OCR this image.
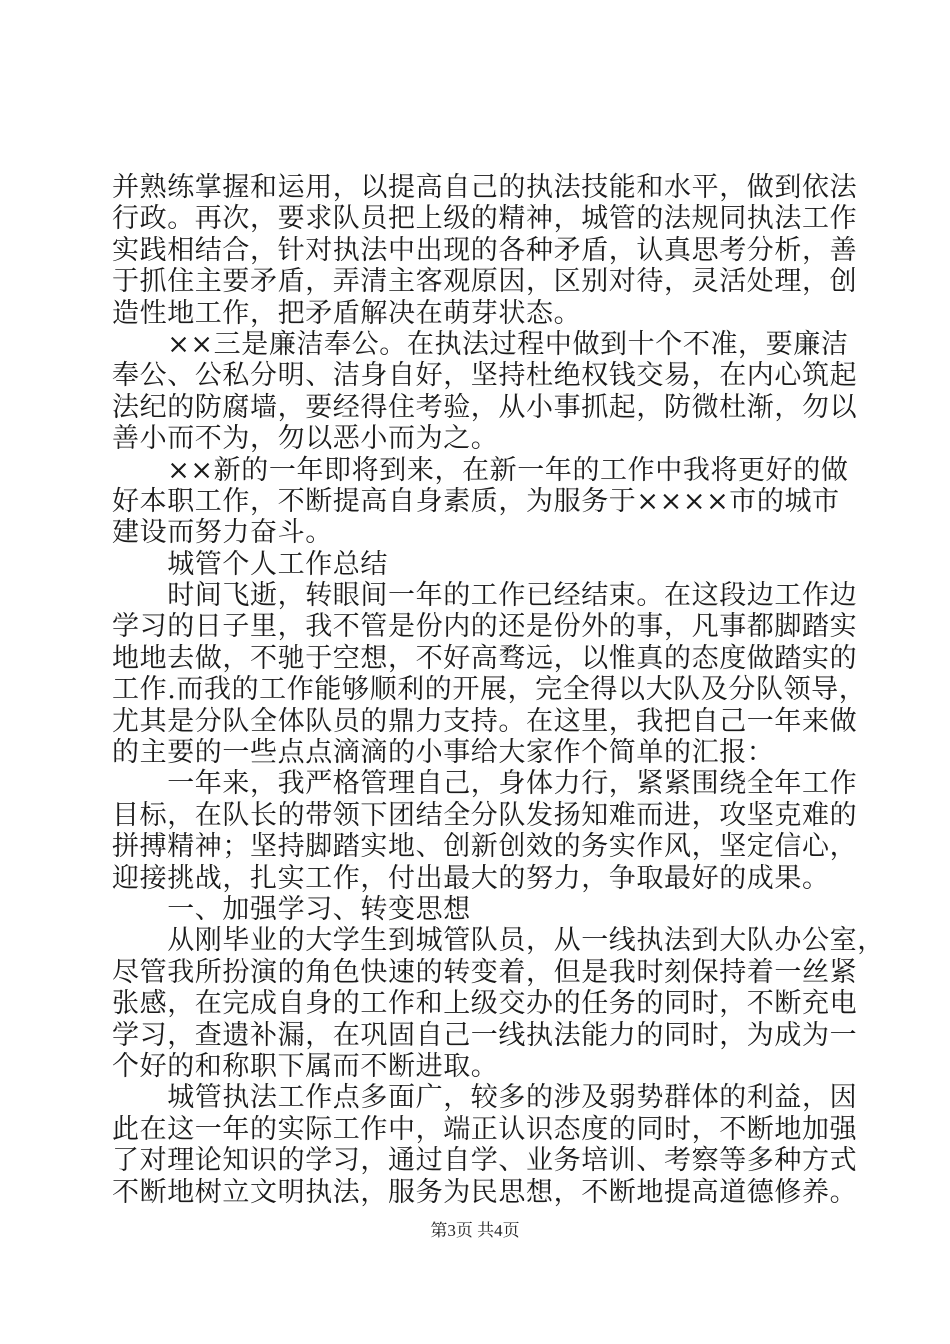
并熟练掌握和运用，以提高自己的执法技能和水平，做到依法
行政。再次，要求队员把上级的精神，城管的法规同执法工作
实践相结合，针对执法中出现的各种矛盾，认真思考分析，善
于抓住主要矛盾，弄清主客观原因，区别对待，灵活处理，创
造性地工作，把矛盾解决在萌芽状态。
　　××三是廉洁奉公。在执法过程中做到十个不准，要廉洁
奉公、公私分明、洁身自好，坚持杜绝权钱交易，在内心筑起
法纪的防腐墙，要经得住考验，从小事抓起，防微杜渐，勿以
善小而不为，勿以恶小而为之。
　　××新的一年即将到来，在新一年的工作中我将更好的做
好本职工作，不断提高自身素质，为服务于××××市的城市
建设而努力奋斗。
　　城管个人工作总结
　　时间飞逝，转眼间一年的工作已经结束。在这段边工作边
学习的日子里，我不管是份内的还是份外的事，凡事都脚踏实
地地去做，不驰于空想，不好高骛远，以惟真的态度做踏实的
工作.而我的工作能够顺利的开展，完全得以大队及分队领导，
尤其是分队全体队员的鼎力支持。在这里，我把自己一年来做
的主要的一些点点滴滴的小事给大家作个简单的汇报：
　　一年来，我严格管理自己，身体力行，紧紧围绕全年工作
目标，在队长的带领下团结全分队发扬知难而进，攻坚克难的
拼搏精神；坚持脚踏实地、创新创效的务实作风，坚定信心，
迎接挑战，扎实工作，付出最大的努力，争取最好的成果。
　　一、加强学习、转变思想
　　从刚毕业的大学生到城管队员，从一线执法到大队办公室，
尽管我所扮演的角色快速的转变着，但是我时刻保持着一丝紧
张感，在完成自身的工作和上级交办的任务的同时，不断充电
学习，查遗补漏，在巩固自己一线执法能力的同时，为成为一
个好的和称职下属而不断进取。
　　城管执法工作点多面广，较多的涉及弱势群体的利益，因
此在这一年的实际工作中，端正认识态度的同时，不断地加强
了对理论知识的学习，通过自学、业务培训、考察等多种方式
不断地树立文明执法，服务为民思想，不断地提高道德修养。
第3页 共4页
